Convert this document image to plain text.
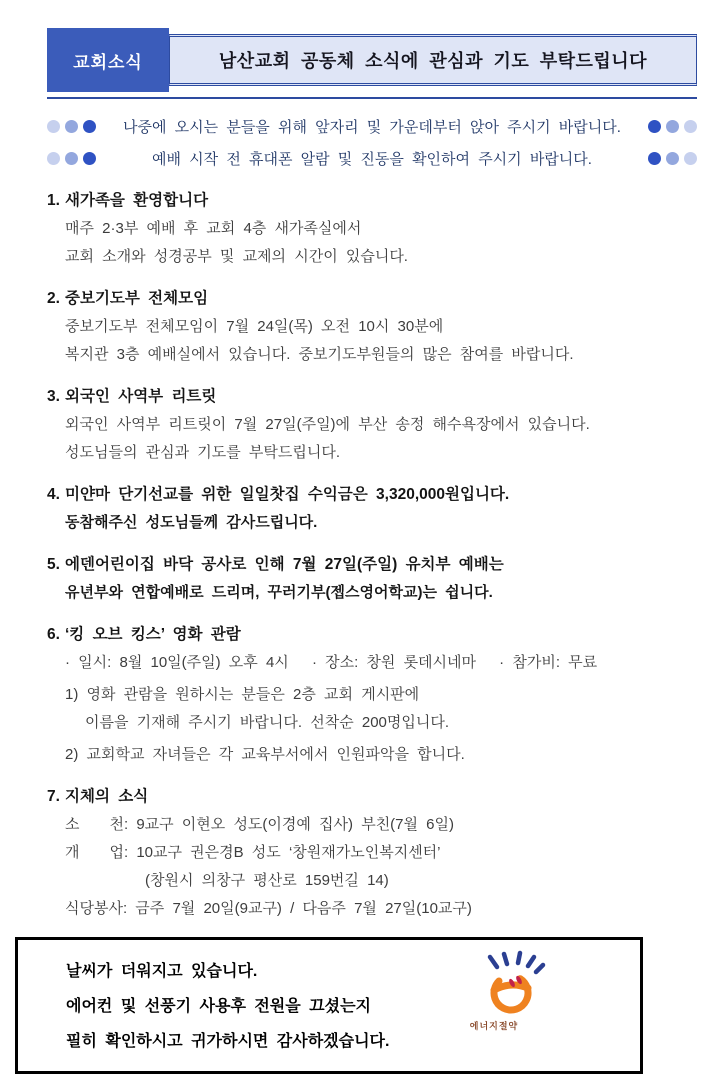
교회소식	남산교회 공동체 소식에 관심과 기도 부탁드립니다
나중에 오시는 분들을 위해 앞자리 및 가운데부터 앉아 주시기 바랍니다.
예배 시작 전 휴대폰 알람 및 진동을 확인하여 주시기 바랍니다.
1. 새가족을 환영합니다
매주 2·3부 예배 후 교회 4층 새가족실에서
교회 소개와 성경공부 및 교제의 시간이 있습니다.
2. 중보기도부 전체모임
중보기도부 전체모임이 7월 24일(목) 오전 10시 30분에
복지관 3층 예배실에서 있습니다. 중보기도부원들의 많은 참여를 바랍니다.
3. 외국인 사역부 리트릿
외국인 사역부 리트릿이 7월 27일(주일)에 부산 송정 해수욕장에서 있습니다.
성도님들의 관심과 기도를 부탁드립니다.
4. 미얀마 단기선교를 위한 일일찻집 수익금은 3,320,000원입니다.
동참해주신 성도님들께 감사드립니다.
5. 에덴어린이집 바닥 공사로 인해 7월 27일(주일) 유치부 예배는
유년부와 연합예배로 드리며, 꾸러기부(젭스영어학교)는 쉽니다.
6. ‘킹 오브 킹스’ 영화 관람
· 일시: 8월 10일(주일) 오후 4시　 · 장소: 창원 롯데시네마　 · 참가비: 무료
1) 영화 관람을 원하시는 분들은 2층 교회 게시판에
이름을 기재해 주시기 바랍니다. 선착순 200명입니다.
2) 교회학교 자녀들은 각 교육부서에서 인원파악을 합니다.
7. 지체의 소식
소　　천: 9교구 이현오 성도(이경예 집사) 부친(7월 6일)
개　　업: 10교구 권은경B 성도 ‘창원재가노인복지센터’
(창원시 의창구 평산로 159번길 14)
식당봉사: 금주 7월 20일(9교구) / 다음주 7월 27일(10교구)
날씨가 더워지고 있습니다.
에어컨 및 선풍기 사용후 전원을 끄셨는지
필히 확인하시고 귀가하시면 감사하겠습니다.
에너지절약
